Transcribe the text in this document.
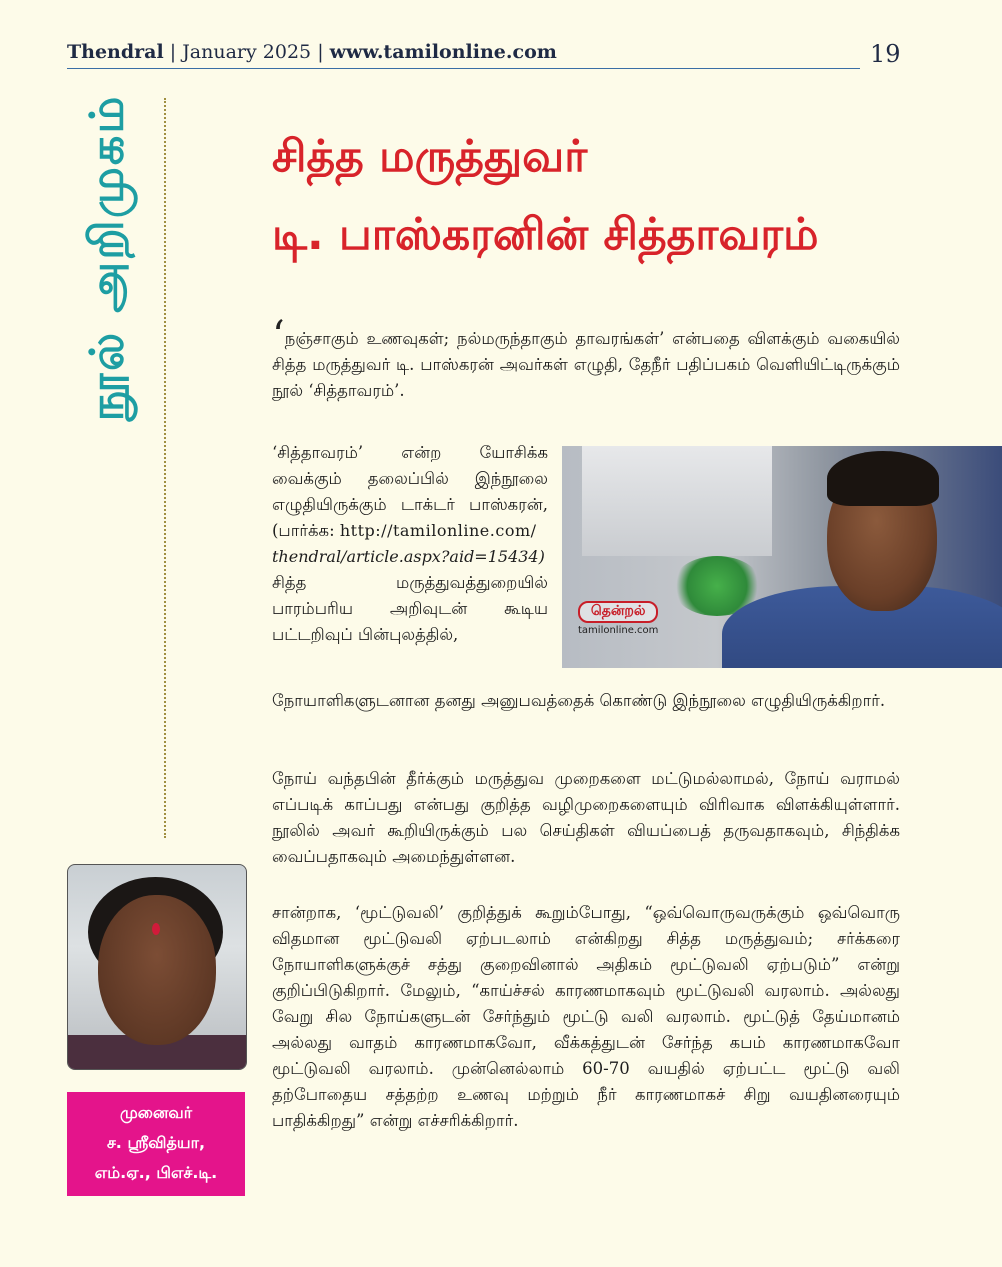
Thendral | January 2025 | www.tamilonline.com	19
நூல் அறிமுகம்	சித்த மருத்துவர்
டி. பாஸ்கரனின் சித்தாவரம்
‘நஞ்சாகும் உணவுகள்; நல்மருந்தாகும் தாவரங்கள்’ என்பதை விளக்கும் வகையில் சித்த மருத்துவர் டி. பாஸ்கரன் அவர்கள் எழுதி, தேநீர் பதிப்பகம் வெளியிட்டிருக்கும் நூல் ‘சித்தாவரம்’.
‘சித்தாவரம்’ என்ற யோசிக்க வைக்கும் தலைப்பில் இந்நூலை எழுதியிருக்கும் டாக்டர் பாஸ்கரன், (பார்க்க: http://tamilonline.com/
thendral/article.aspx?aid=15434) சித்த மருத்துவத்துறையில் பாரம்பரிய அறிவுடன் கூடிய பட்டறிவுப் பின்புலத்தில்,
தென்றல்
tamilonline.com
நோயாளிகளுடனான தனது அனுபவத்தைக் கொண்டு இந்நூலை எழுதியிருக்கிறார்.
நோய் வந்தபின் தீர்க்கும் மருத்துவ முறைகளை மட்டுமல்லாமல், நோய் வராமல் எப்படிக் காப்பது என்பது குறித்த வழிமுறைகளையும் விரிவாக விளக்கியுள்ளார். நூலில் அவர் கூறியிருக்கும் பல செய்திகள் வியப்பைத் தருவதாகவும், சிந்திக்க வைப்பதாகவும் அமைந்துள்ளன.
சான்றாக, ‘மூட்டுவலி’ குறித்துக் கூறும்போது, “ஒவ்வொருவருக்கும் ஒவ்வொரு விதமான மூட்டுவலி ஏற்படலாம் என்கிறது சித்த மருத்துவம்; சர்க்கரை நோயாளிகளுக்குச் சத்து குறைவினால் அதிகம் மூட்டுவலி ஏற்படும்” என்று குறிப்பிடுகிறார். மேலும், “காய்ச்சல் காரணமாகவும் மூட்டுவலி வரலாம். அல்லது வேறு சில நோய்களுடன் சேர்ந்தும் மூட்டு வலி வரலாம். மூட்டுத் தேய்மானம் அல்லது வாதம் காரணமாகவோ, வீக்கத்துடன் சேர்ந்த கபம் காரணமாகவோ மூட்டுவலி வரலாம். முன்னெல்லாம் 60-70 வயதில் ஏற்பட்ட மூட்டு வலி தற்போதைய சத்தற்ற உணவு மற்றும் நீர் காரணமாகச் சிறு வயதினரையும் பாதிக்கிறது” என்று எச்சரிக்கிறார்.
முனைவர்
ச. ஸ்ரீவித்யா,
எம்.ஏ., பிஎச்.டி.
